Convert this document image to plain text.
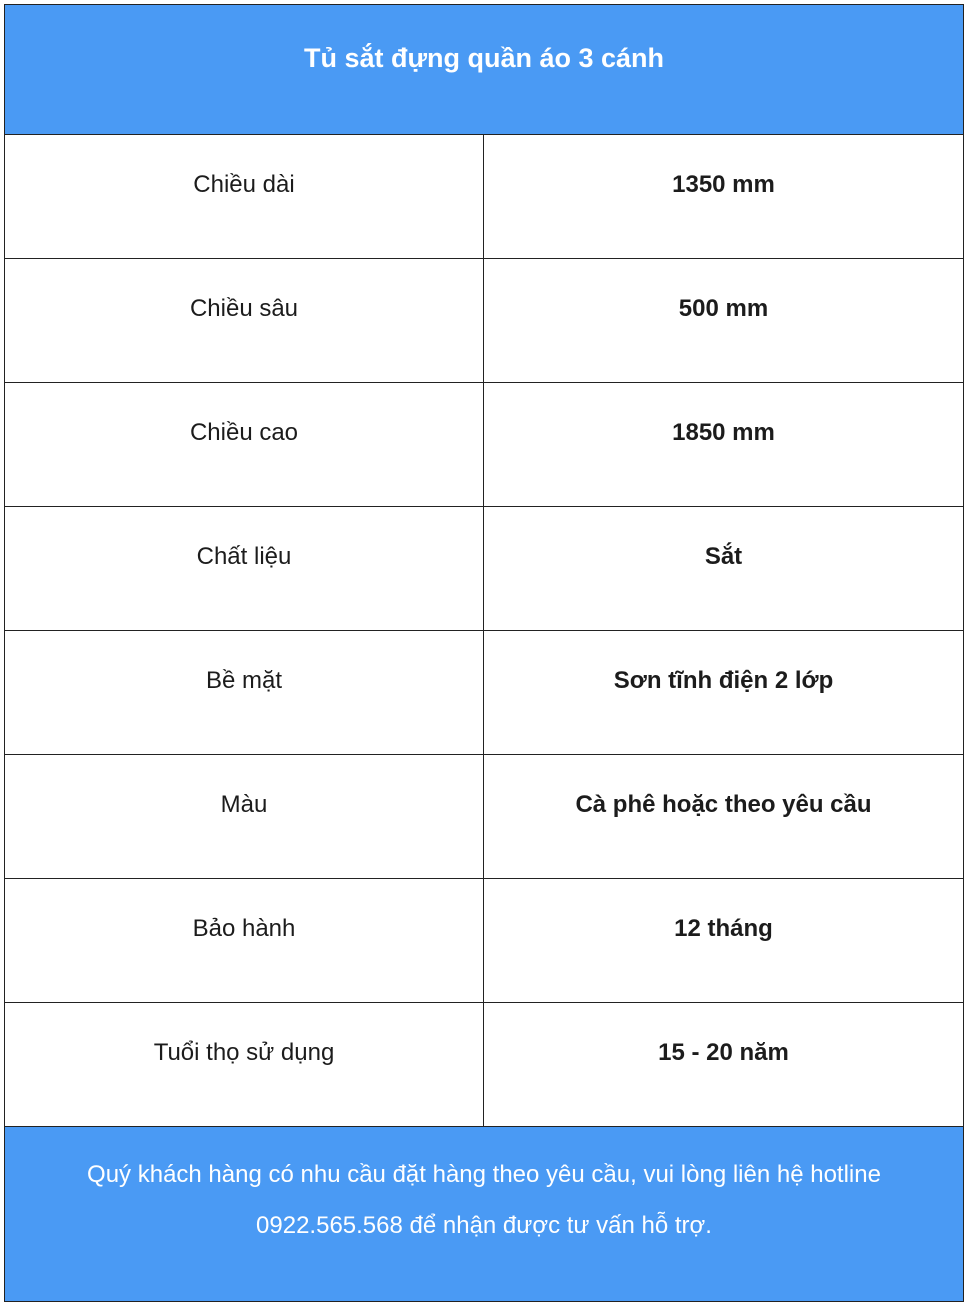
Tủ sắt đựng quần áo 3 cánh
Chiều dài	1350 mm
Chiều sâu	500 mm
Chiều cao	1850 mm
Chất liệu	Sắt
Bề mặt	Sơn tĩnh điện 2 lớp
Màu	Cà phê hoặc theo yêu cầu
Bảo hành	12 tháng
Tuổi thọ sử dụng	15 - 20 năm
Quý khách hàng có nhu cầu đặt hàng theo yêu cầu, vui lòng liên hệ hotline
0922.565.568 để nhận được tư vấn hỗ trợ.
